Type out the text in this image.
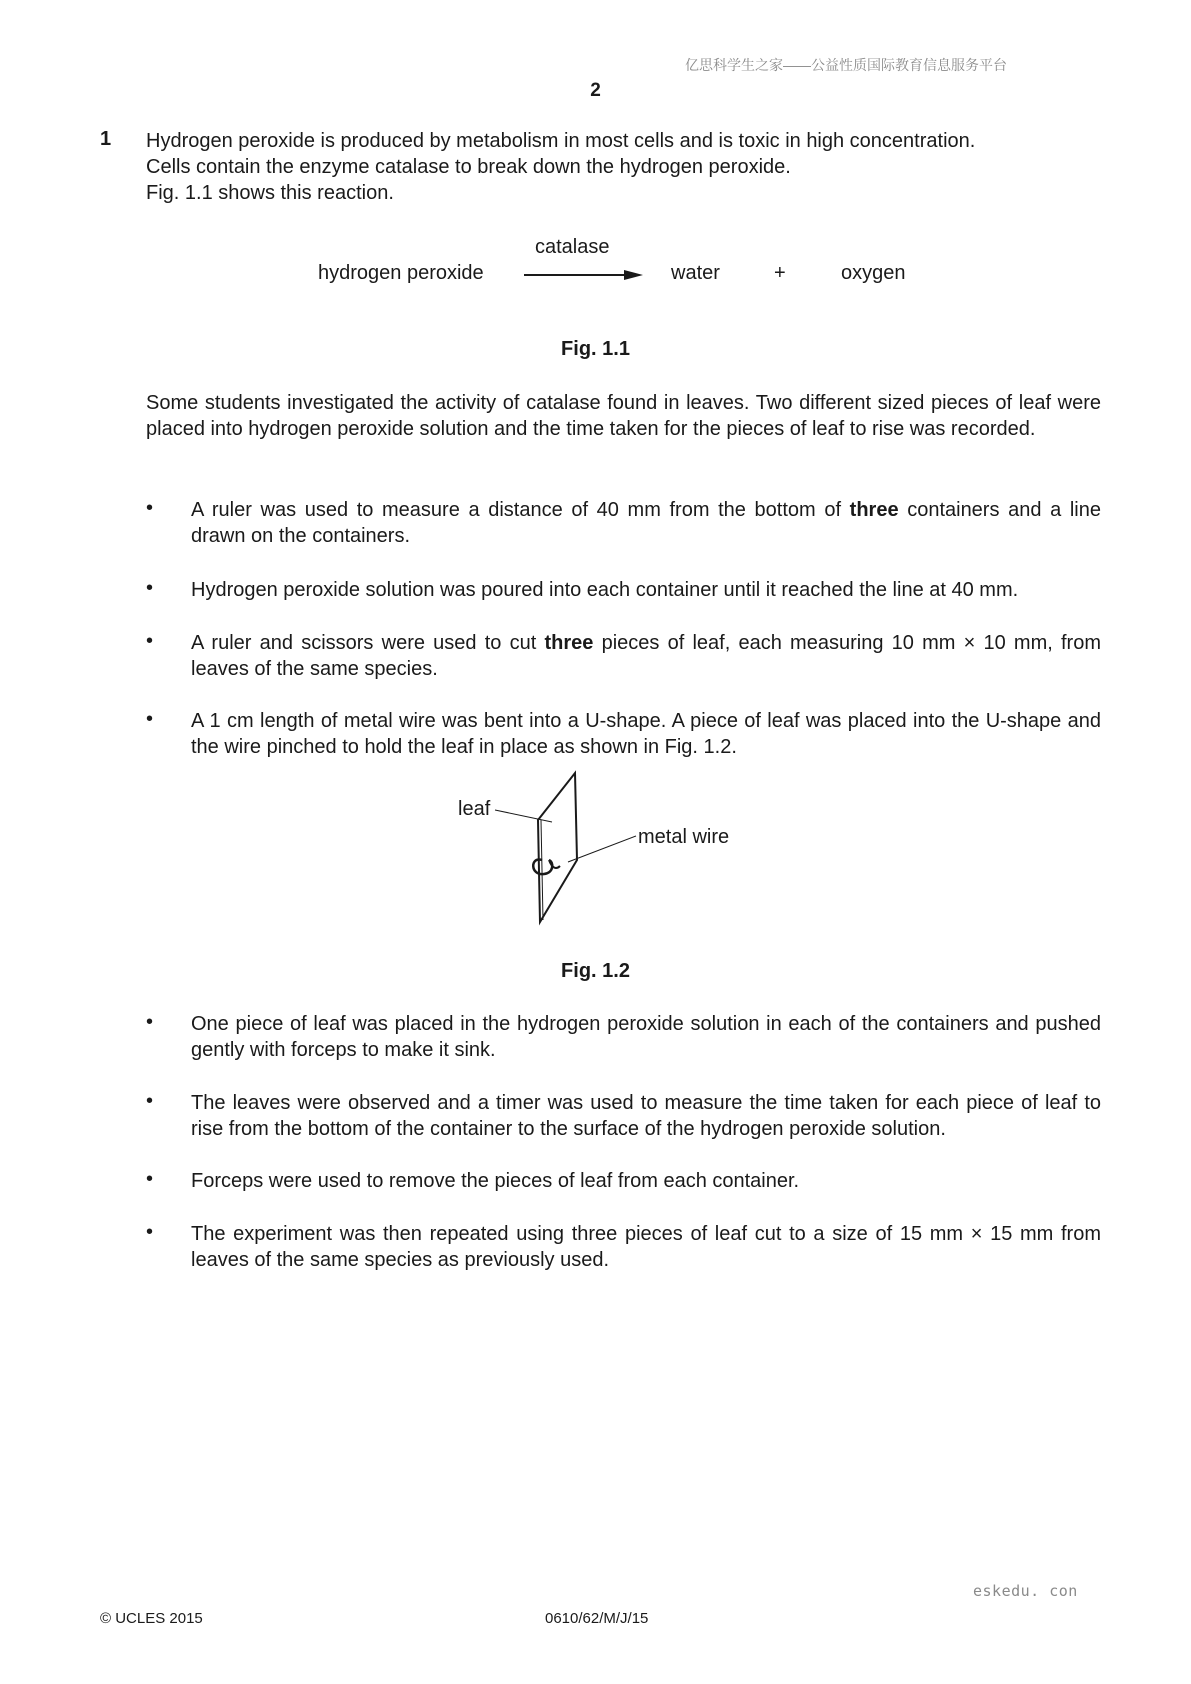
亿思科学生之家——公益性质国际教育信息服务平台
2
1 Hydrogen peroxide is produced by metabolism in most cells and is toxic in high concentration.
Cells contain the enzyme catalase to break down the hydrogen peroxide.
Fig. 1.1 shows this reaction.
catalase
hydrogen peroxide	water	+	oxygen
Fig. 1.1
Some students investigated the activity of catalase found in leaves. Two different sized pieces of leaf were placed into hydrogen peroxide solution and the time taken for the pieces of leaf to rise was recorded.
• A ruler was used to measure a distance of 40 mm from the bottom of three containers and a line drawn on the containers.
• Hydrogen peroxide solution was poured into each container until it reached the line at 40 mm.
• A ruler and scissors were used to cut three pieces of leaf, each measuring 10 mm × 10 mm, from leaves of the same species.
• A 1 cm length of metal wire was bent into a U-shape. A piece of leaf was placed into the U-shape and the wire pinched to hold the leaf in place as shown in Fig. 1.2.
leaf
metal wire
Fig. 1.2
• One piece of leaf was placed in the hydrogen peroxide solution in each of the containers and pushed gently with forceps to make it sink.
• The leaves were observed and a timer was used to measure the time taken for each piece of leaf to rise from the bottom of the container to the surface of the hydrogen peroxide solution.
• Forceps were used to remove the pieces of leaf from each container.
• The experiment was then repeated using three pieces of leaf cut to a size of 15 mm × 15 mm from leaves of the same species as previously used.
eskedu. con
© UCLES 2015	0610/62/M/J/15
